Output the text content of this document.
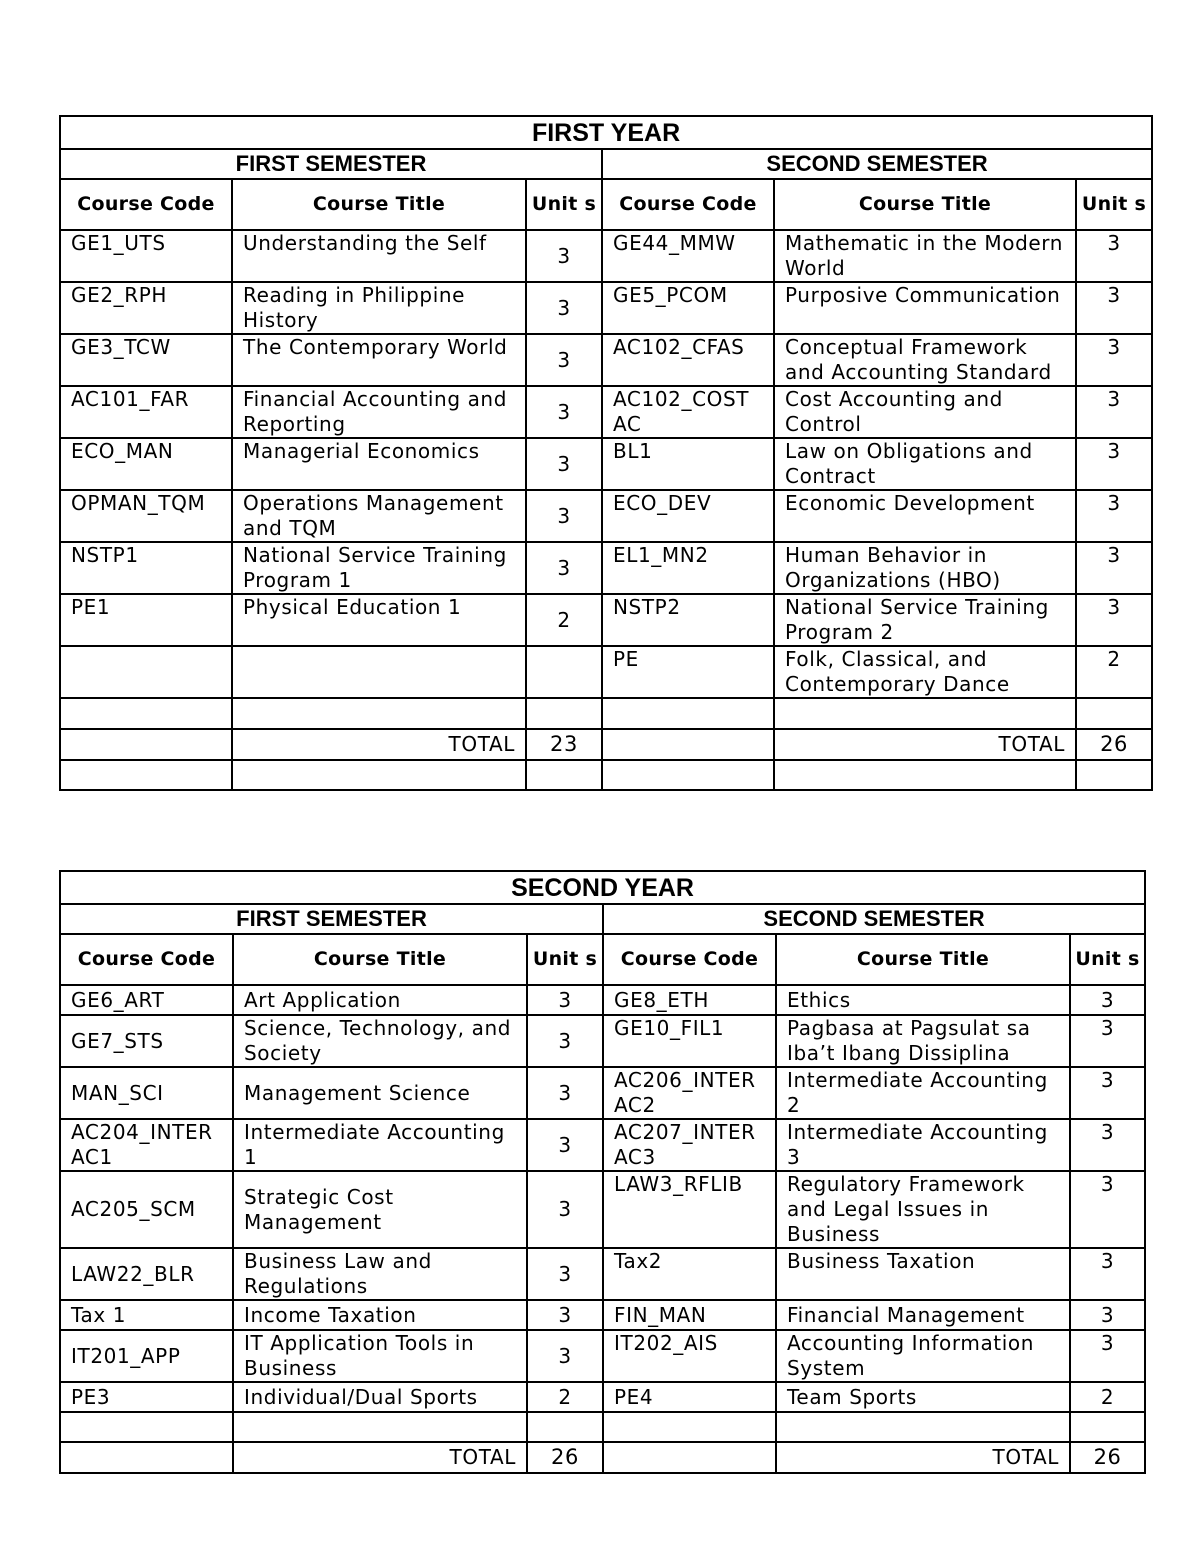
FIRST YEAR					
FIRST SEMESTER			SECOND SEMESTER		
Course Code	Course Title	Unit s	Course Code	Course Title	Unit s
GE1_UTS	Understanding the Self	3	GE44_MMW	Mathematic in the Modern World	3
GE2_RPH	Reading in Philippine History	3	GE5_PCOM	Purposive Communication	3
GE3_TCW	The Contemporary World	3	AC102_CFAS	Conceptual Framework and Accounting Standard	3
AC101_FAR	Financial Accounting and Reporting	3	AC102_COST AC	Cost Accounting and Control	3
ECO_MAN	Managerial Economics	3	BL1	Law on Obligations and Contract	3
OPMAN_TQM	Operations Management and TQM	3	ECO_DEV	Economic Development	3
NSTP1	National Service Training Program 1	3	EL1_MN2	Human Behavior in Organizations (HBO)	3
PE1	Physical Education 1	2	NSTP2	National Service Training Program 2	3
			PE	Folk, Classical, and Contemporary Dance	2

	TOTAL	23		TOTAL	26

SECOND YEAR					
FIRST SEMESTER			SECOND SEMESTER		
Course Code	Course Title	Unit s	Course Code	Course Title	Unit s
GE6_ART	Art Application	3	GE8_ETH	Ethics	3
GE7_STS	Science, Technology, and Society	3	GE10_FIL1	Pagbasa at Pagsulat sa Iba’t Ibang Dissiplina	3
MAN_SCI	Management Science	3	AC206_INTER AC2	Intermediate Accounting 2	3
AC204_INTER AC1	Intermediate Accounting 1	3	AC207_INTER AC3	Intermediate Accounting 3	3
AC205_SCM	Strategic Cost Management	3	LAW3_RFLIB	Regulatory Framework and Legal Issues in Business	3
LAW22_BLR	Business Law and Regulations	3	Tax2	Business Taxation	3
Tax 1	Income Taxation	3	FIN_MAN	Financial Management	3
IT201_APP	IT Application Tools in Business	3	IT202_AIS	Accounting Information System	3
PE3	Individual/Dual Sports	2	PE4	Team Sports	2

	TOTAL	26		TOTAL	26
